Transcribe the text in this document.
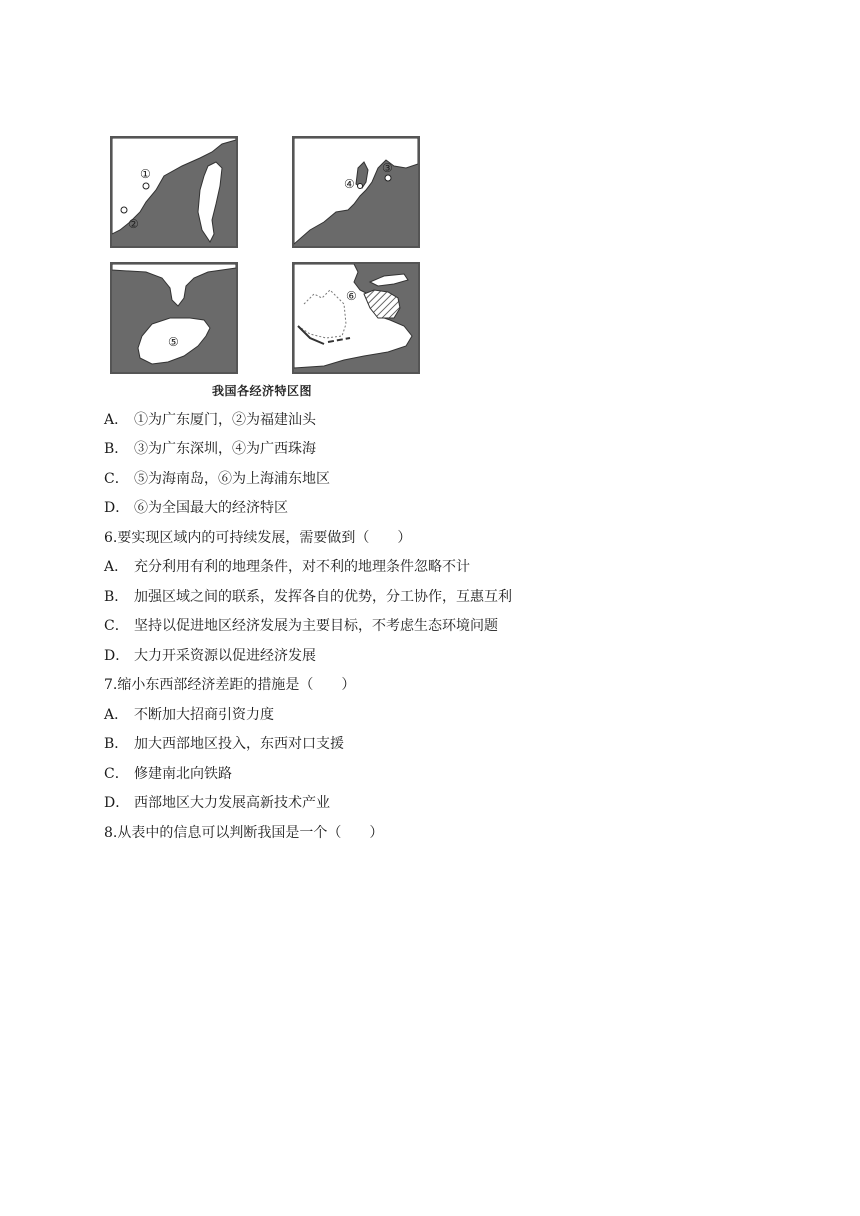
①
②
③
④
⑤
⑥
我国各经济特区图
A． ①为广东厦门，②为福建汕头
B． ③为广东深圳，④为广西珠海
C． ⑤为海南岛，⑥为上海浦东地区
D． ⑥为全国最大的经济特区
6.要实现区域内的可持续发展，需要做到（　　）
A． 充分利用有利的地理条件，对不利的地理条件忽略不计
B． 加强区域之间的联系，发挥各自的优势，分工协作，互惠互利
C． 坚持以促进地区经济发展为主要目标，不考虑生态环境问题
D． 大力开采资源以促进经济发展
7.缩小东西部经济差距的措施是（　　）
A． 不断加大招商引资力度
B． 加大西部地区投入，东西对口支援
C． 修建南北向铁路
D． 西部地区大力发展高新技术产业
8.从表中的信息可以判断我国是一个（　　）
